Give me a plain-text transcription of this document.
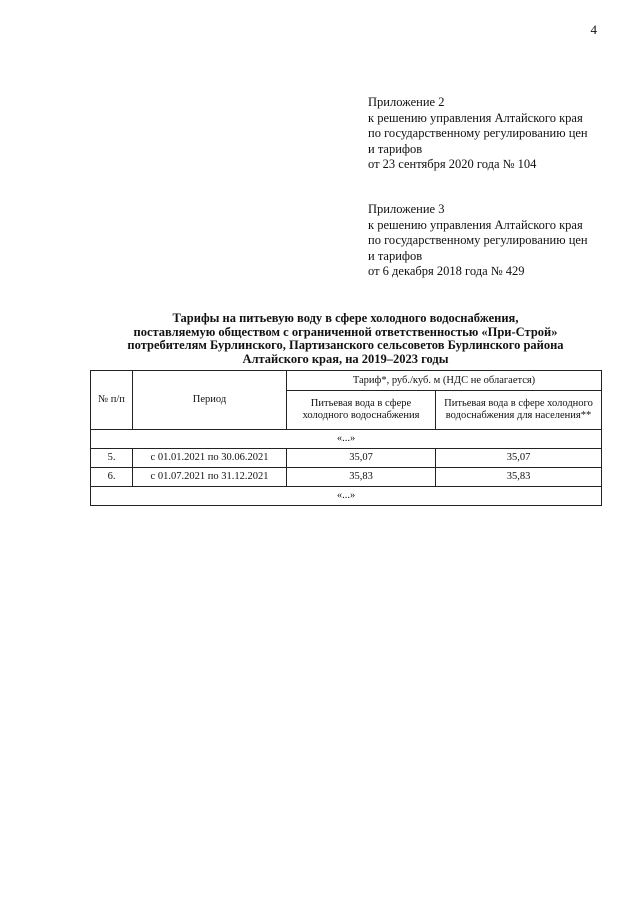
4
Приложение 2
к решению управления Алтайского края
по государственному регулированию цен
и тарифов
от 23 сентября 2020 года № 104
Приложение 3
к решению управления Алтайского края
по государственному регулированию цен
и тарифов
от 6 декабря 2018 года № 429
Тарифы на питьевую воду в сфере холодного водоснабжения,
поставляемую обществом с ограниченной ответственностью «При-Строй»
потребителям Бурлинского, Партизанского сельсоветов Бурлинского района
Алтайского края, на 2019–2023 годы
№ п/п	Период	Тариф*, руб./куб. м (НДС не облагается)	
		Питьевая вода в сфере холодного водоснабжения	Питьевая вода в сфере холодного водоснабжения для населения**
«...»			
5.	с 01.01.2021 по 30.06.2021	35,07	35,07
6.	с 01.07.2021 по 31.12.2021	35,83	35,83
«...»			
